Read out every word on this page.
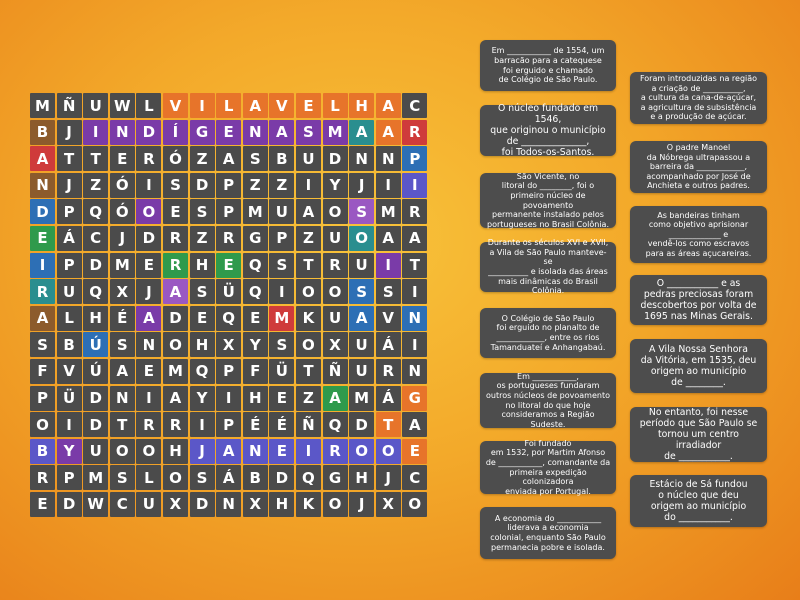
M Ñ U W L	V	I	L	A V	E	L	H A	C
B	J	I	N D	Í	G	E	N A	S M A A	R
A	T	T	E	R Ó Z	A	S	B U D N N P
N	J	Z Ó	I	S D P	Z	Z	I	Y	J	I	I
D P Q Ó O	E	S	P M U A O S M R
E	Á	C	J	D R	Z	R G P	Z	U O A A
I	P D M E	R H	E	Q S	T	R U	I	T
R U Q X	J	A	S	Ü Q	I	O O S	S	I
A	L	H	É	A D	E	Q	E M K U A V N
S	B Ú	S N O H X	Y	S O X U Á	I
F	V Ú A	E M Q P	F	Ü	T	Ñ U R N
P	Ü D N	I	A	Y	I	H	E	Z	A M Á G
O	I	D	T	R	R	I	P	É	É	Ñ Q D	T	A
B	Y	U O O H	J	A N	E	I	R O O	E
R	P M S	L	O S	Á	B D Q G H	J	C
E	D W C	U X D N X H K O	J	X O
Em ___________ de 1554, um
barracão para a catequese
foi erguido e chamado
de Colégio de São Paulo.
O núcleo fundado em 1546,
que originou o município
de ______________,
foi Todos-os-Santos.
São Vicente, no
litoral do ________, foi o
primeiro núcleo de povoamento
permanente instalado pelos
portugueses no Brasil Colônia.
Durante os séculos XVI e XVII,
a Vila de São Paulo manteve-se
__________ e isolada das áreas
mais dinâmicas do Brasil Colônia.
O Colégio de São Paulo
foi erguido no planalto de
____________, entre os rios
Tamanduateí e Anhangabaú.
Em ___________,
os portugueses fundaram
outros núcleos de povoamento
no litoral do que hoje
consideramos a Região Sudeste.
Foi fundado
em 1532, por Martim Afonso
de ___________, comandante da
primeira expedição colonizadora
enviada por Portugal.
A economia do ___________
liderava a economia
colonial, enquanto São Paulo
permanecia pobre e isolada.
Foram introduzidas na região
a criação de __________,
a cultura da cana-de-açúcar,
a agricultura de subsistência
e a produção de açúcar.
O padre Manoel
da Nóbrega ultrapassou a
barreira da ____________,
acompanhado por José de
Anchieta e outros padres.
As bandeiras tinham
como objetivo aprisionar
_____________ e
vendê-los como escravos
para as áreas açucareiras.
O ___________ e as
pedras preciosas foram
descobertos por volta de
1695 nas Minas Gerais.
A Vila Nossa Senhora
da Vitória, em 1535, deu
origem ao município
de ________.
No entanto, foi nesse
período que São Paulo se
tornou um centro irradiador
de ___________.
Estácio de Sá fundou
o núcleo que deu
origem ao município
do ___________.
